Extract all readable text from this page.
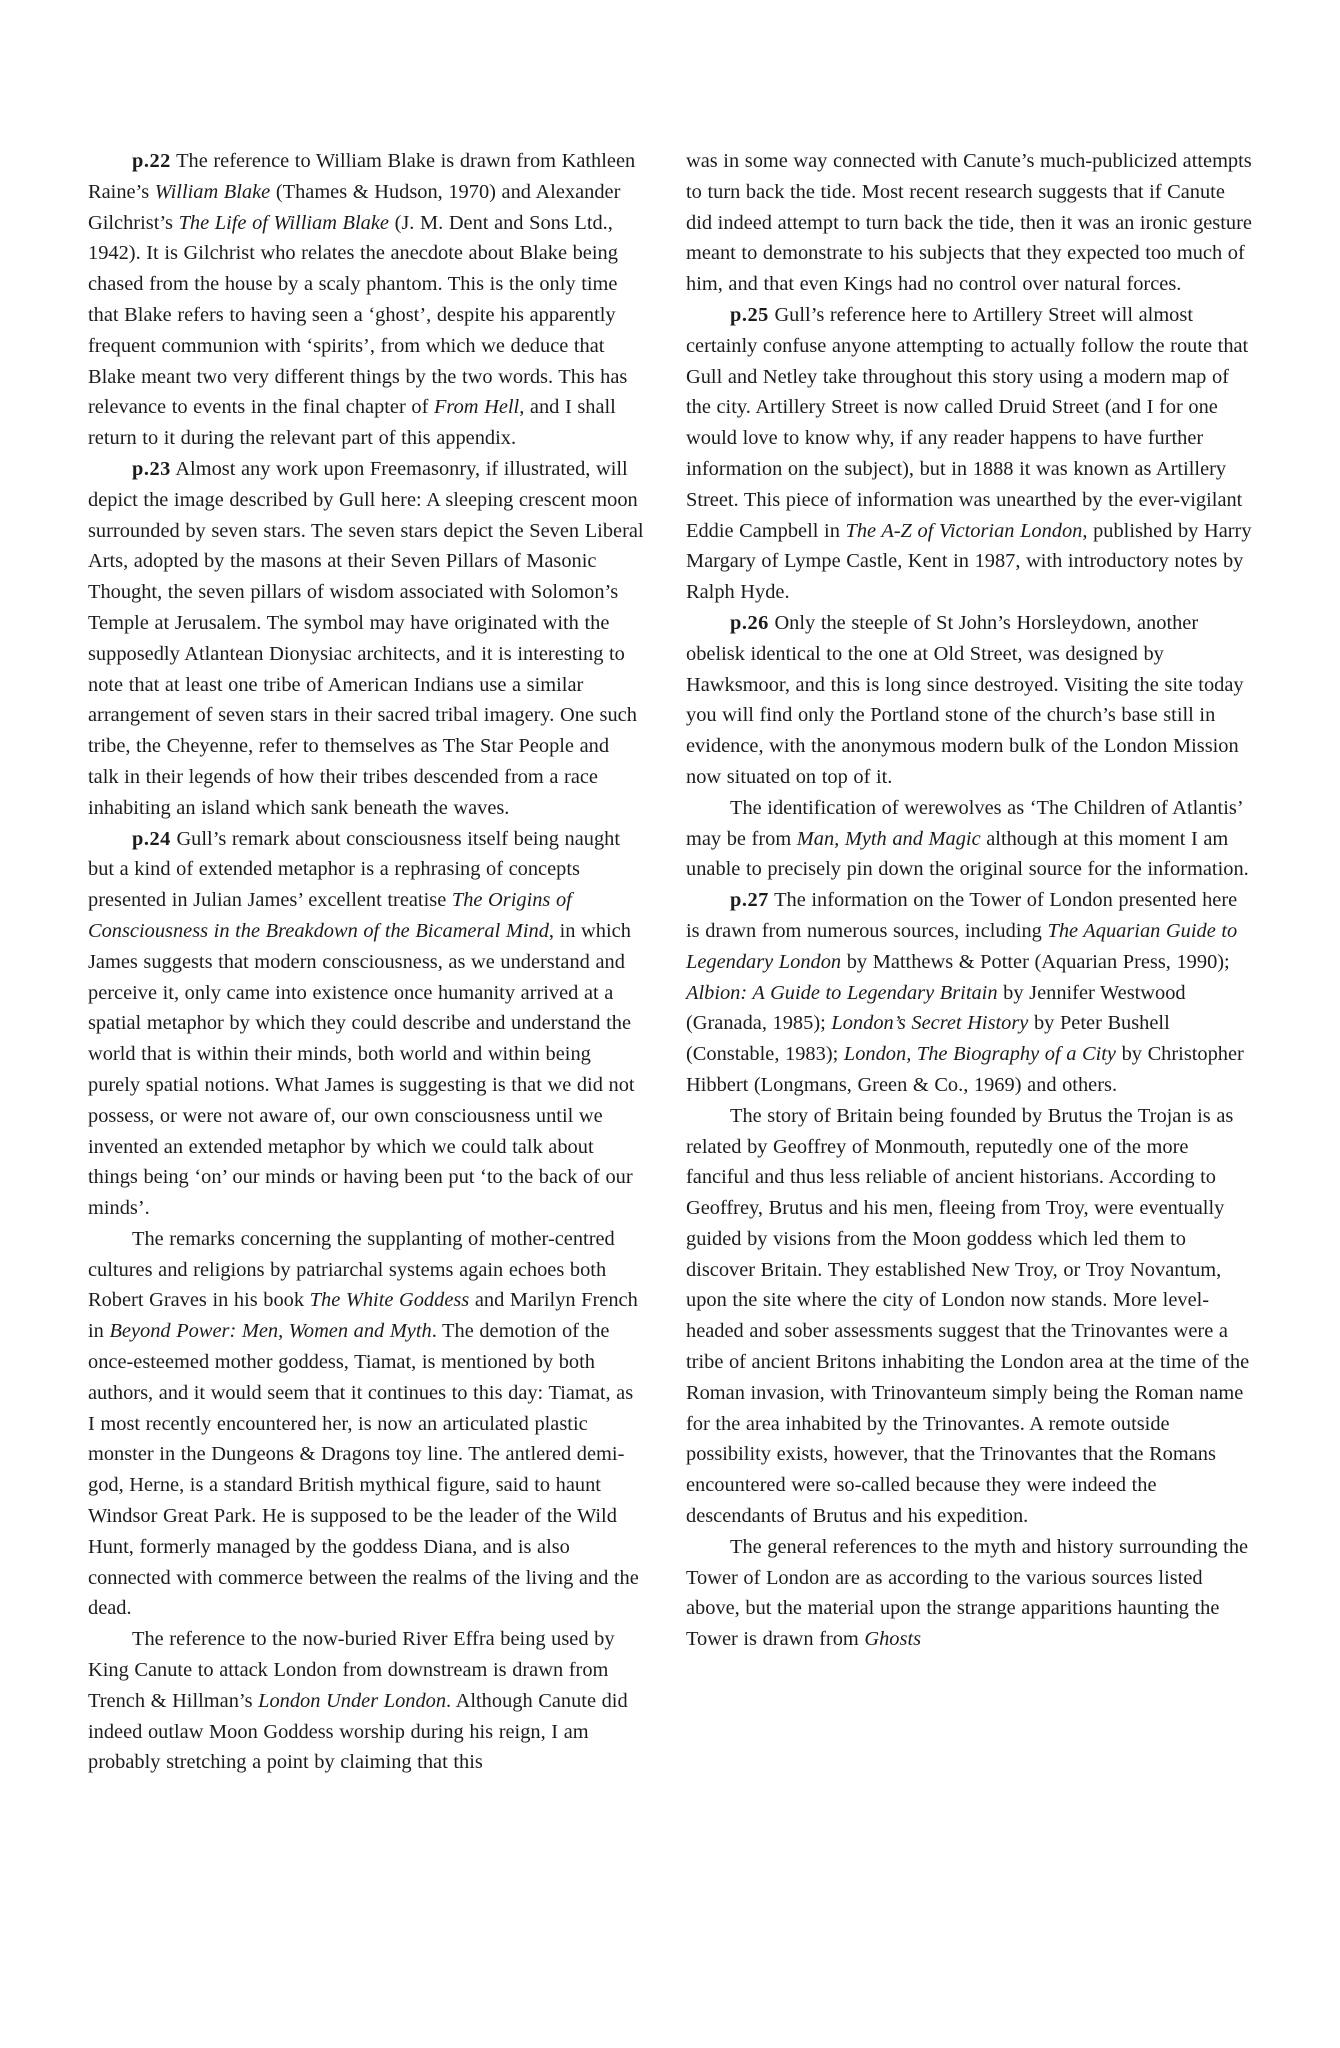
p.22 The reference to William Blake is drawn from Kathleen Raine’s William Blake (Thames & Hudson, 1970) and Alexander Gilchrist’s The Life of William Blake (J. M. Dent and Sons Ltd., 1942). It is Gilchrist who relates the anecdote about Blake being chased from the house by a scaly phantom. This is the only time that Blake refers to having seen a ‘ghost’, despite his apparently frequent communion with ‘spirits’, from which we deduce that Blake meant two very different things by the two words. This has relevance to events in the final chapter of From Hell, and I shall return to it during the relevant part of this appendix.

p.23 Almost any work upon Freemasonry, if illustrated, will depict the image described by Gull here: A sleeping crescent moon surrounded by seven stars. The seven stars depict the Seven Liberal Arts, adopted by the masons at their Seven Pillars of Masonic Thought, the seven pillars of wisdom associated with Solomon’s Temple at Jerusalem. The symbol may have originated with the supposedly Atlantean Dionysiac architects, and it is interesting to note that at least one tribe of American Indians use a similar arrangement of seven stars in their sacred tribal imagery. One such tribe, the Cheyenne, refer to themselves as The Star People and talk in their legends of how their tribes descended from a race inhabiting an island which sank beneath the waves.

p.24 Gull’s remark about consciousness itself being naught but a kind of extended metaphor is a rephrasing of concepts presented in Julian James’ excellent treatise The Origins of Consciousness in the Breakdown of the Bicameral Mind, in which James suggests that modern consciousness, as we understand and perceive it, only came into existence once humanity arrived at a spatial metaphor by which they could describe and understand the world that is within their minds, both world and within being purely spatial notions. What James is suggesting is that we did not possess, or were not aware of, our own consciousness until we invented an extended metaphor by which we could talk about things being ‘on’ our minds or having been put ‘to the back of our minds’.

The remarks concerning the supplanting of mother-centred cultures and religions by patriarchal systems again echoes both Robert Graves in his book The White Goddess and Marilyn French in Beyond Power: Men, Women and Myth. The demotion of the once-esteemed mother goddess, Tiamat, is mentioned by both authors, and it would seem that it continues to this day: Tiamat, as I most recently encountered her, is now an articulated plastic monster in the Dungeons & Dragons toy line. The antlered demi-god, Herne, is a standard British mythical figure, said to haunt Windsor Great Park. He is supposed to be the leader of the Wild Hunt, formerly managed by the goddess Diana, and is also connected with commerce between the realms of the living and the dead.

The reference to the now-buried River Effra being used by King Canute to attack London from downstream is drawn from Trench & Hillman’s London Under London. Although Canute did indeed outlaw Moon Goddess worship during his reign, I am probably stretching a point by claiming that this

was in some way connected with Canute’s much-publicized attempts to turn back the tide. Most recent research suggests that if Canute did indeed attempt to turn back the tide, then it was an ironic gesture meant to demonstrate to his subjects that they expected too much of him, and that even Kings had no control over natural forces.

p.25 Gull’s reference here to Artillery Street will almost certainly confuse anyone attempting to actually follow the route that Gull and Netley take throughout this story using a modern map of the city. Artillery Street is now called Druid Street (and I for one would love to know why, if any reader happens to have further information on the subject), but in 1888 it was known as Artillery Street. This piece of information was unearthed by the ever-vigilant Eddie Campbell in The A-Z of Victorian London, published by Harry Margary of Lympe Castle, Kent in 1987, with introductory notes by Ralph Hyde.

p.26 Only the steeple of St John’s Horsleydown, another obelisk identical to the one at Old Street, was designed by Hawksmoor, and this is long since destroyed. Visiting the site today you will find only the Portland stone of the church’s base still in evidence, with the anonymous modern bulk of the London Mission now situated on top of it.

The identification of werewolves as ‘The Children of Atlantis’ may be from Man, Myth and Magic although at this moment I am unable to precisely pin down the original source for the information.

p.27 The information on the Tower of London presented here is drawn from numerous sources, including The Aquarian Guide to Legendary London by Matthews & Potter (Aquarian Press, 1990); Albion: A Guide to Legendary Britain by Jennifer Westwood (Granada, 1985); London’s Secret History by Peter Bushell (Constable, 1983); London, The Biography of a City by Christopher Hibbert (Longmans, Green & Co., 1969) and others.

The story of Britain being founded by Brutus the Trojan is as related by Geoffrey of Monmouth, reputedly one of the more fanciful and thus less reliable of ancient historians. According to Geoffrey, Brutus and his men, fleeing from Troy, were eventually guided by visions from the Moon goddess which led them to discover Britain. They established New Troy, or Troy Novantum, upon the site where the city of London now stands. More level-headed and sober assessments suggest that the Trinovantes were a tribe of ancient Britons inhabiting the London area at the time of the Roman invasion, with Trinovanteum simply being the Roman name for the area inhabited by the Trinovantes. A remote outside possibility exists, however, that the Trinovantes that the Romans encountered were so-called because they were indeed the descendants of Brutus and his expedition.

The general references to the myth and history surrounding the Tower of London are as according to the various sources listed above, but the material upon the strange apparitions haunting the Tower is drawn from Ghosts
